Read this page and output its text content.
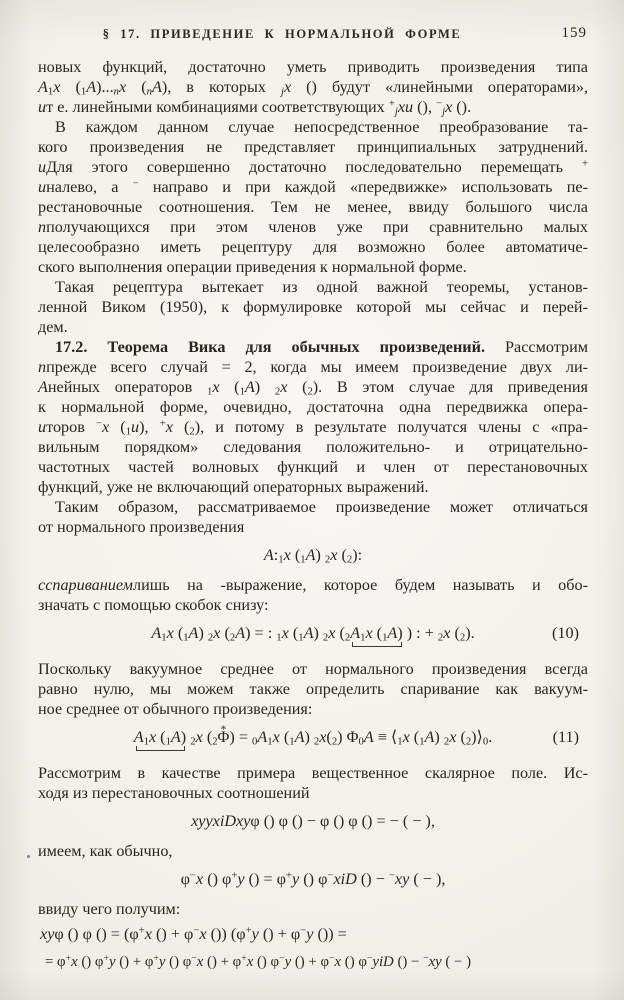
§ 17. ПРИВЕДЕНИЕ К НОРМАЛЬНОЙ ФОРМЕ	159
новых функций, достаточно уметь приводить произведения типа
$A_1x$ $(_1A)..._nx$ $(_nA)$, в которых $_j$x () будут «линейными операторами»,
uт е. линейными комбинациями соответствующих +$_j$xu (), −$_j$x ().
В каждом данном случае непосредственное преобразование та-
кого произведения не представляет принципиальных затруднений.
uДля этого совершенно достаточно последовательно перемещать +
uналево, а − направо и при каждой «передвижке» использовать пе-
рестановочные соотношения. Тем не менее, ввиду большого числа
nполучающихся при этом членов уже при сравнительно малых
целесообразно иметь рецептуру для возможно более автоматиче-
ского выполнения операции приведения к нормальной форме.
Такая рецептура вытекает из одной важной теоремы, установ-
ленной Виком (1950), к формулировке которой мы сейчас и перей-
дем.
17.2. Теорема Вика для обычных произведений. Рассмотрим
nпрежде всего случай = 2, когда мы имеем произведение двух ли-
Aнейных операторов $_1$x $(_1A)$ $_2$x $(_2)$. В этом случае для приведения
к нормальной форме, очевидно, достаточна одна передвижка опера-
uторов −x $(_1u)$, +x $(_2)$, и потому в результате получатся члены с «пра-
вильным порядком» следования положительно- и отрицательно-
частотных частей волновых функций и член от перестановочных
функций, уже не включающий операторных выражений.
Таким образом, рассматриваемое произведение может отличаться
от нормального произведения
$A:_1x$ $(_1A)$ $_2$x $(_2)$:
cспариваниемлишь на -выражение, которое будем называть и обо-
значать с помощью скобок снизу:
$A_1x$ $(_1A)$ $_2$x $(_2A)$ = : $_1$x $(_1A)$ $_2$x ($_2A_1x$ $(_1A)$ ) : + $_2$x $(_2)$.	(10)
Поскольку вакуумное среднее от нормального произведения всегда
равно нулю, мы можем также определить спаривание как вакуум-
ное среднее от обычного произведения:
$A_1x$ $(_1A)$ $_2$x ($_2*$ $\Phi) = _0A_1x$ $(_1A)$ $_2x(_2) \Phi_0A$ ≡ $⟨_1x$ $(_1A)$ $_2$x $(_2)⟩_0$.	(11)
Рассмотрим в качестве примера вещественное скалярное поле. Ис-
ходя из перестановочных соотношений
xyyxiDxyφ () φ () − φ () φ () = − ( − ),
имеем, как обычно,
φ−x () φ+y () = φ+y () φ−xiD () − −xy ( − ),
ввиду чего получим:
xyφ () φ () = (φ+x () + φ−x ()) (φ+y () + φ−y ()) =
= φ+x () φ+y () + φ+y () φ−x () + φ+x () φ−y () + φ−x () φ−yiD () − −xy ( − )
